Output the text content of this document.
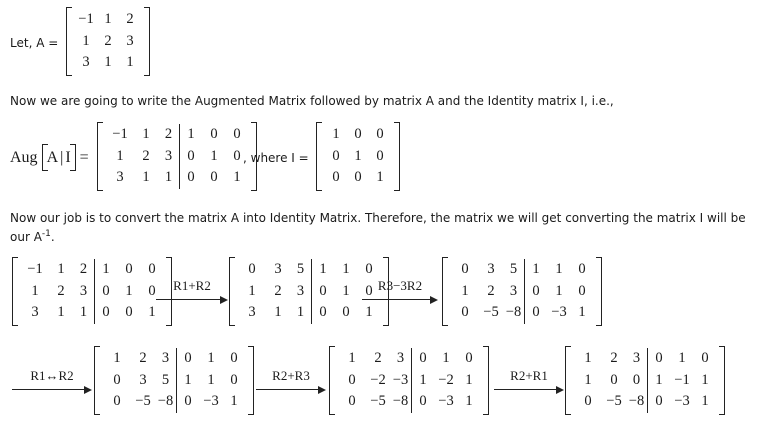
Let, A =
−1 1	2
1	2	3
3	1	1
Now we are going to write the Augmented Matrix followed by matrix A and the Identity matrix I, i.e.,
Aug A | I =
−1	1	2	1	0	0
1	2	3	0	1	0
3	1	1	0	0	1
, where I =
1	0	0
0	1	0
0	0	1
Now our job is to convert the matrix A into Identity Matrix. Therefore, the matrix we will get converting the matrix I will be
our $A^{-1}$.
−1	1	2	1	0	0
1	2	3	0	1	0
3	1	1	0	0	1
R1+R2
0	3	5	1	1	0
1	2	3	0	1	0
3	1	1	0	0	1
R3−3R2
0	3	5	1	1	0
1	2	3	0	1	0
0	−5 −8 0 −3 1
R1↔R2
1	2	3	0	1	0
0	3	5	1	1	0
0	−5 −8 0 −3 1
R2+R3
1	2	3	0	1	0
0	−2 −3 1 −2 1
0	−5 −8 0 −3 1
R2+R1
1	2	3	0	1	0
1	0	0	1 −1 1
0	−5 −8 0 −3 1
